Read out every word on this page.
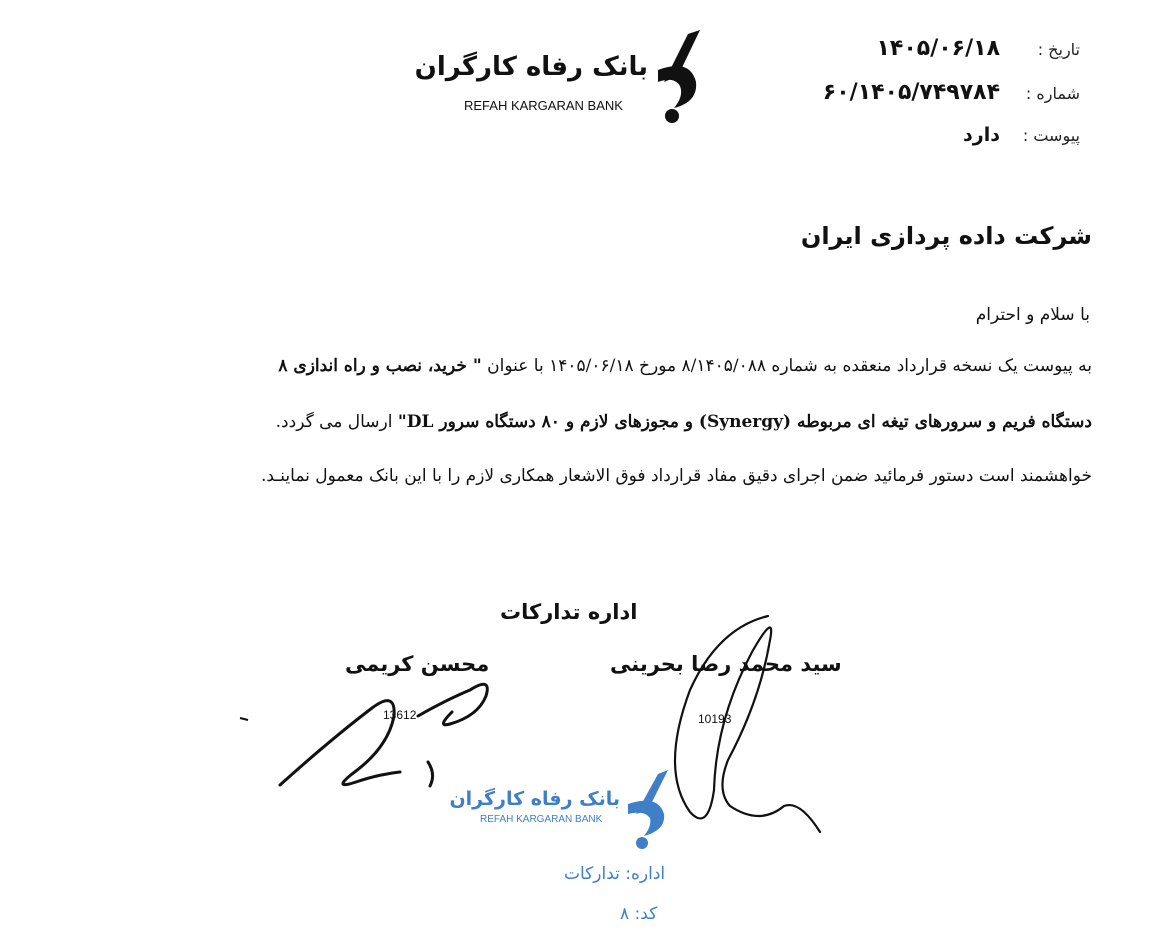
بانک رفاه کارگران
REFAH KARGARAN BANK
تاریخ :
۱۴۰۵/۰۶/۱۸
شماره :
۶۰/۱۴۰۵/۷۴۹۷۸۴
پیوست :
دارد
شرکت داده پردازی ایران
با سلام و احترام
به پیوست یک نسخه قرارداد منعقده به شماره ۸/۱۴۰۵/۰۸۸ مورخ ۱۴۰۵/۰۶/۱۸ با عنوان " خرید، نصب و راه اندازی ۸
دستگاه فریم و سرورهای تیغه ای مربوطه (Synergy) و مجوزهای لازم و ۸۰ دستگاه سرور DL" ارسال می گردد.
خواهشمند است دستور فرمائید ضمن اجرای دقیق مفاد قرارداد فوق الاشعار همکاری لازم را با این بانک معمول نماینـد.
اداره تدارکات
محسن کریمی	سید محمد رضا بحرینی
13612	10193
بانک رفاه کارگران
REFAH KARGARAN BANK
اداره: تدارکات
کد: ۸
